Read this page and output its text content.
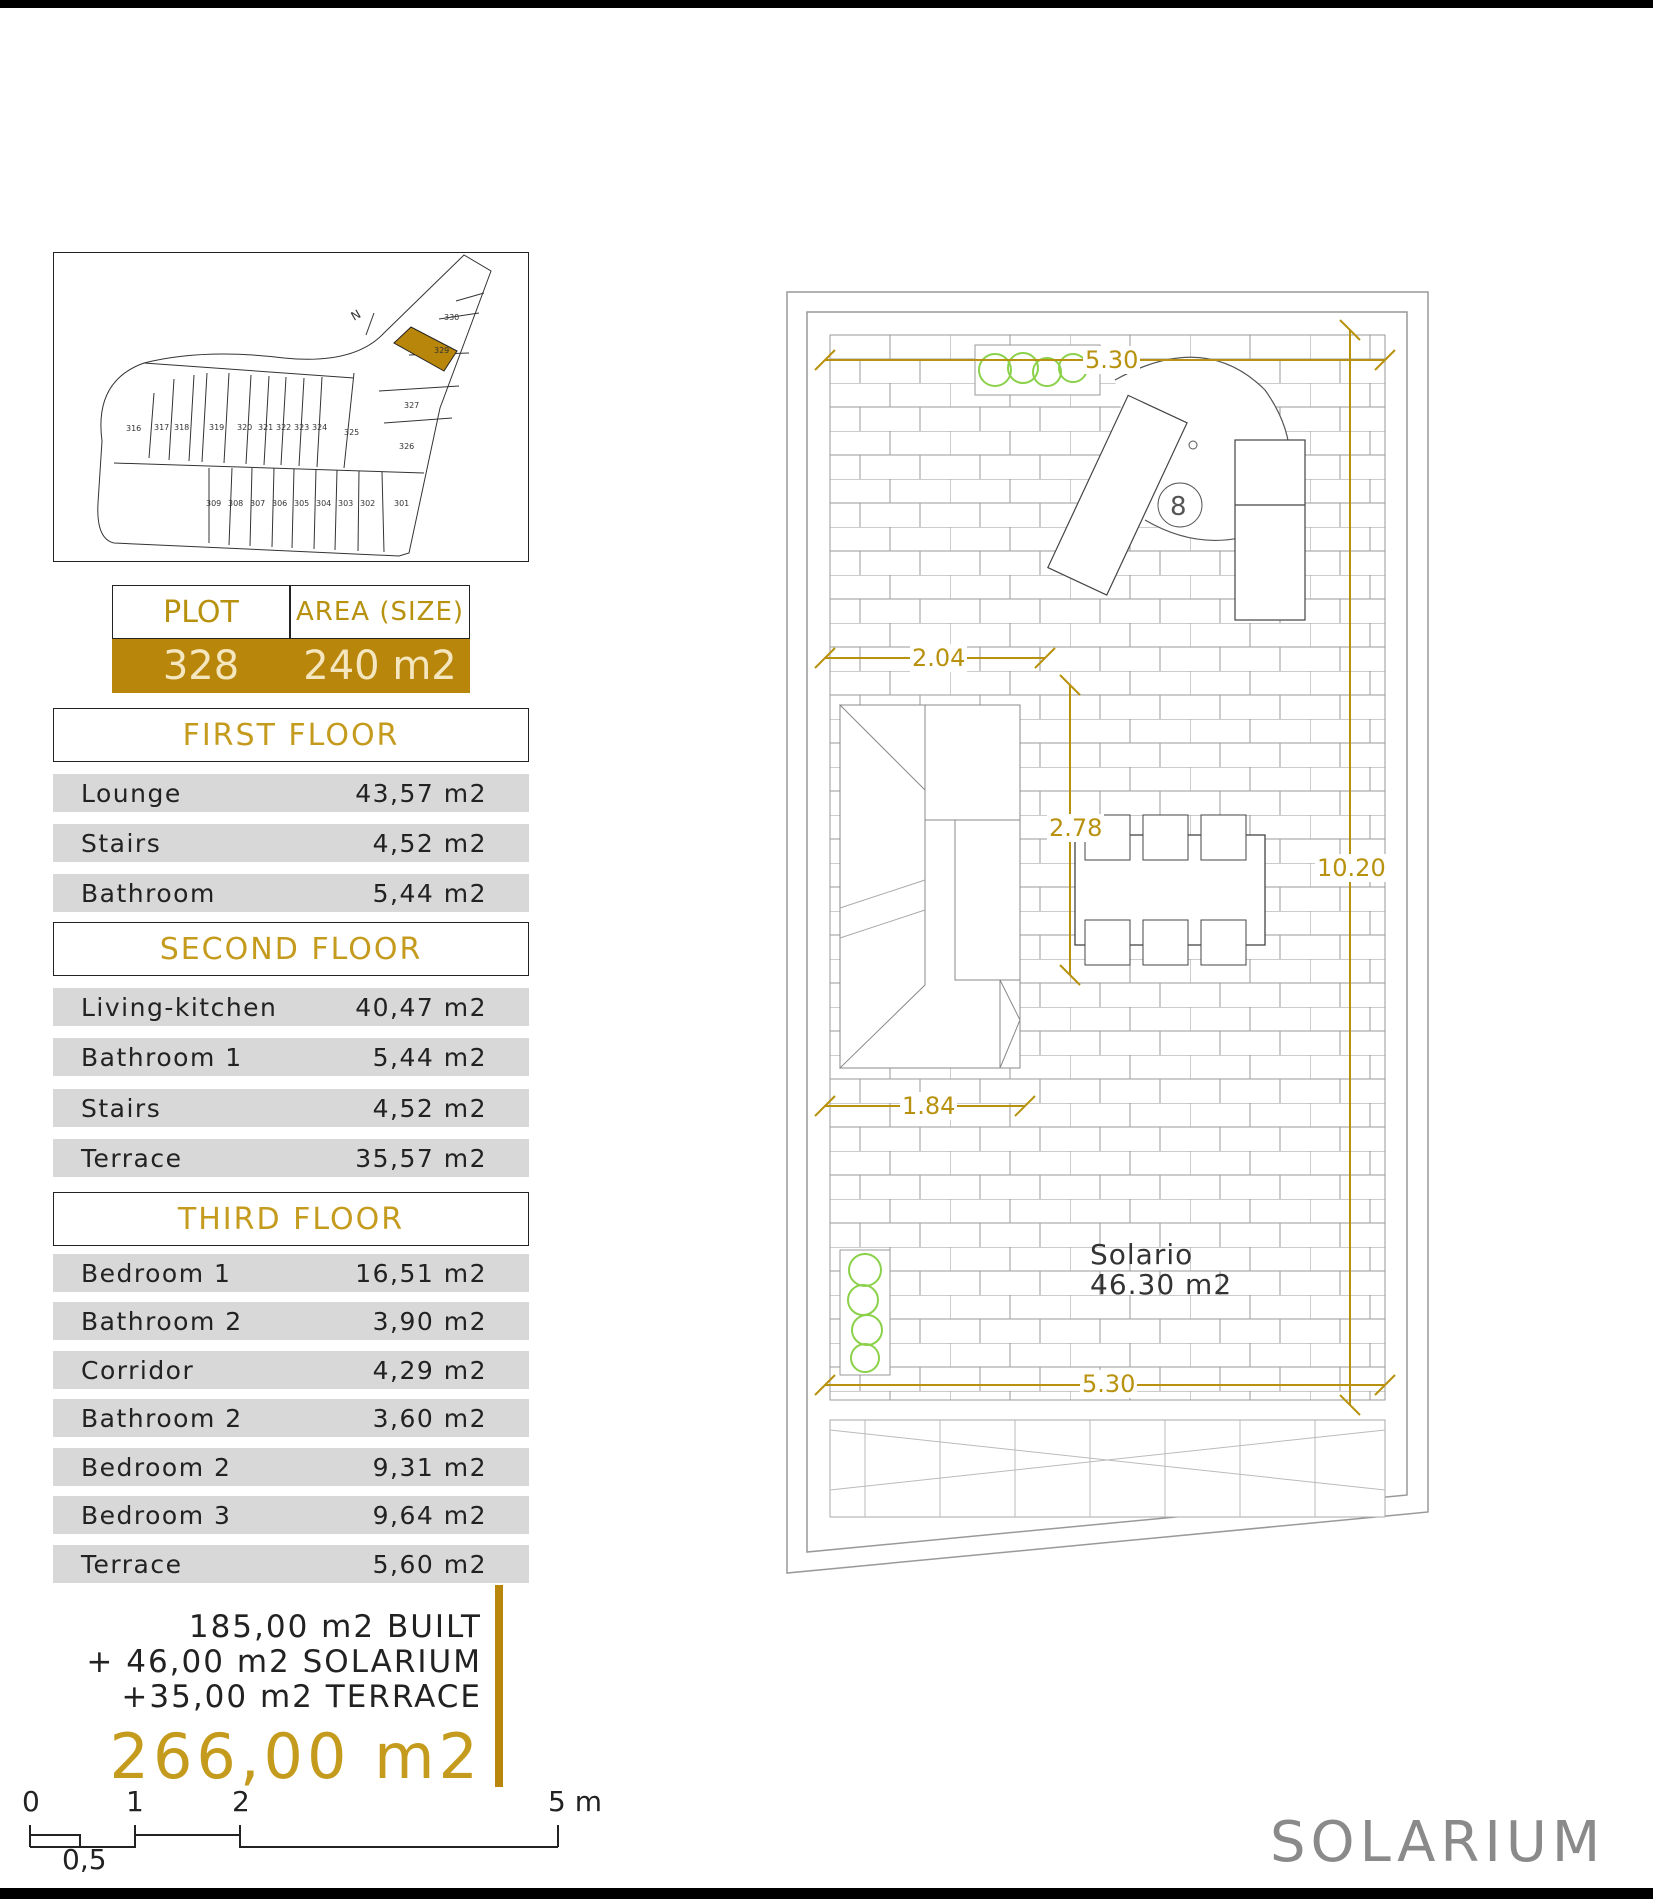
330
329
327
326
325
324
323
322
321
320
319
318
317
316
309 308 307 306 305 304 303 302 301
N
PLOT	AREA (SIZE)
328	240 m2
FIRST FLOOR
Lounge	43,57 m2
Stairs	4,52 m2
Bathroom	5,44 m2
SECOND FLOOR
Living-kitchen	40,47 m2
Bathroom 1	5,44 m2
Stairs	4,52 m2
Terrace	35,57 m2
THIRD FLOOR
Bedroom 1	16,51 m2
Bathroom 2	3,90 m2
Corridor	4,29 m2
Bathroom 2	3,60 m2
Bedroom 2	9,31 m2
Bedroom 3	9,64 m2
Terrace	5,60 m2
185,00 m2 BUILT
+ 46,00 m2 SOLARIUM
+35,00 m2 TERRACE
266,00 m2
0	1	2	5 m
0,5
8
5.30
2.04
2.78
10.20
1.84
5.30
Solario
46.30 m2
SOLARIUM
